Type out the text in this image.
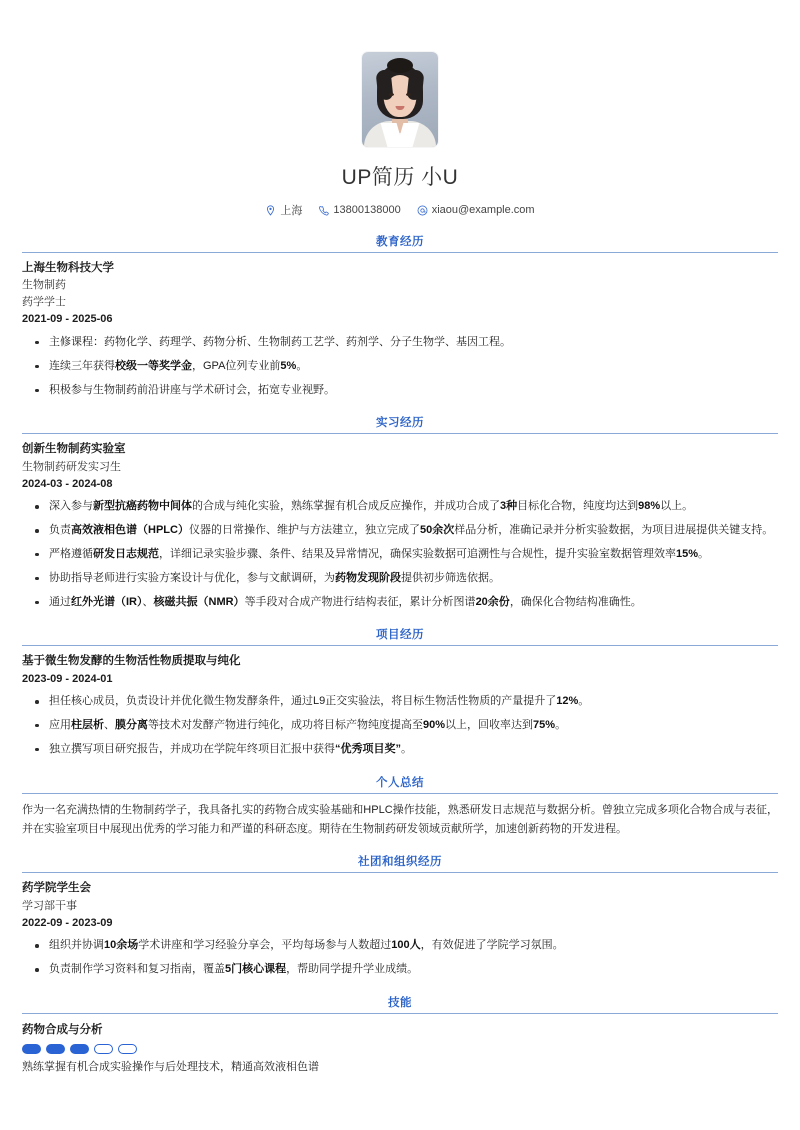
UP简历 小U
上海	13800138000	xiaou@example.com
教育经历
上海生物科技大学
生物制药
药学学士
2021-09 - 2025-06
主修课程：药物化学、药理学、药物分析、生物制药工艺学、药剂学、分子生物学、基因工程。
连续三年获得校级一等奖学金，GPA位列专业前5%。
积极参与生物制药前沿讲座与学术研讨会，拓宽专业视野。
实习经历
创新生物制药实验室
生物制药研发实习生
2024-03 - 2024-08
深入参与新型抗癌药物中间体的合成与纯化实验，熟练掌握有机合成反应操作，并成功合成了3种目标化合物，纯度均达到98%以上。
负责高效液相色谱（HPLC）仪器的日常操作、维护与方法建立，独立完成了50余次样品分析，准确记录并分析实验数据，为项目进展提供关键支持。
严格遵循研发日志规范，详细记录实验步骤、条件、结果及异常情况，确保实验数据可追溯性与合规性，提升实验室数据管理效率15%。
协助指导老师进行实验方案设计与优化，参与文献调研，为药物发现阶段提供初步筛选依据。
通过红外光谱（IR）、核磁共振（NMR）等手段对合成产物进行结构表征，累计分析图谱20余份，确保化合物结构准确性。
项目经历
基于微生物发酵的生物活性物质提取与纯化
2023-09 - 2024-01
担任核心成员，负责设计并优化微生物发酵条件，通过L9正交实验法，将目标生物活性物质的产量提升了12%。
应用柱层析、膜分离等技术对发酵产物进行纯化，成功将目标产物纯度提高至90%以上，回收率达到75%。
独立撰写项目研究报告，并成功在学院年终项目汇报中获得“优秀项目奖”。
个人总结
作为一名充满热情的生物制药学子，我具备扎实的药物合成实验基础和HPLC操作技能，熟悉研发日志规范与数据分析。曾独立完成多项化合物合成与表征，并在实验室项目中展现出优秀的学习能力和严谨的科研态度。期待在生物制药研发领域贡献所学，加速创新药物的开发进程。
社团和组织经历
药学院学生会
学习部干事
2022-09 - 2023-09
组织并协调10余场学术讲座和学习经验分享会，平均每场参与人数超过100人，有效促进了学院学习氛围。
负责制作学习资料和复习指南，覆盖5门核心课程，帮助同学提升学业成绩。
技能
药物合成与分析
熟练掌握有机合成实验操作与后处理技术，精通高效液相色谱
